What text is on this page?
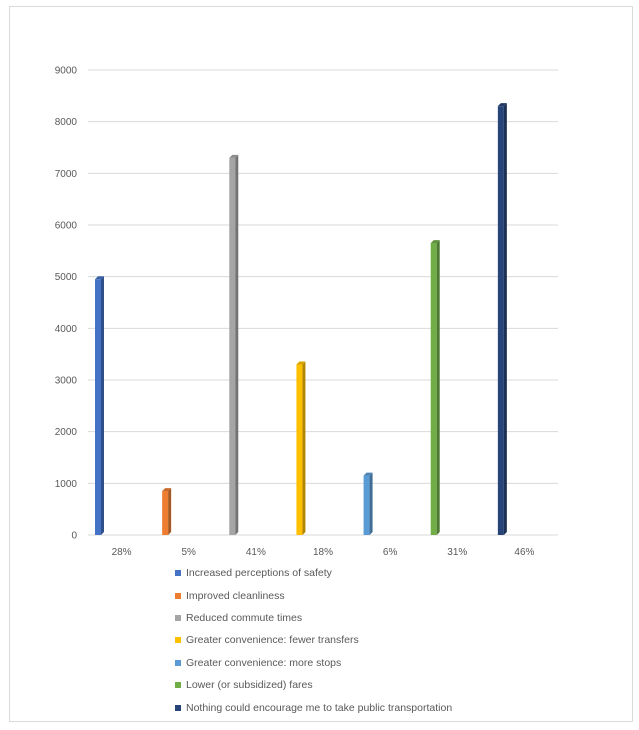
0
1000
2000
3000
4000
5000
6000
7000
8000
9000
28%	5%	41%	18%	6%	31%	46%
Increased perceptions of safety
Improved cleanliness
Reduced commute times
Greater convenience: fewer transfers
Greater convenience: more stops
Lower (or subsidized) fares
Nothing could encourage me to take public transportation
